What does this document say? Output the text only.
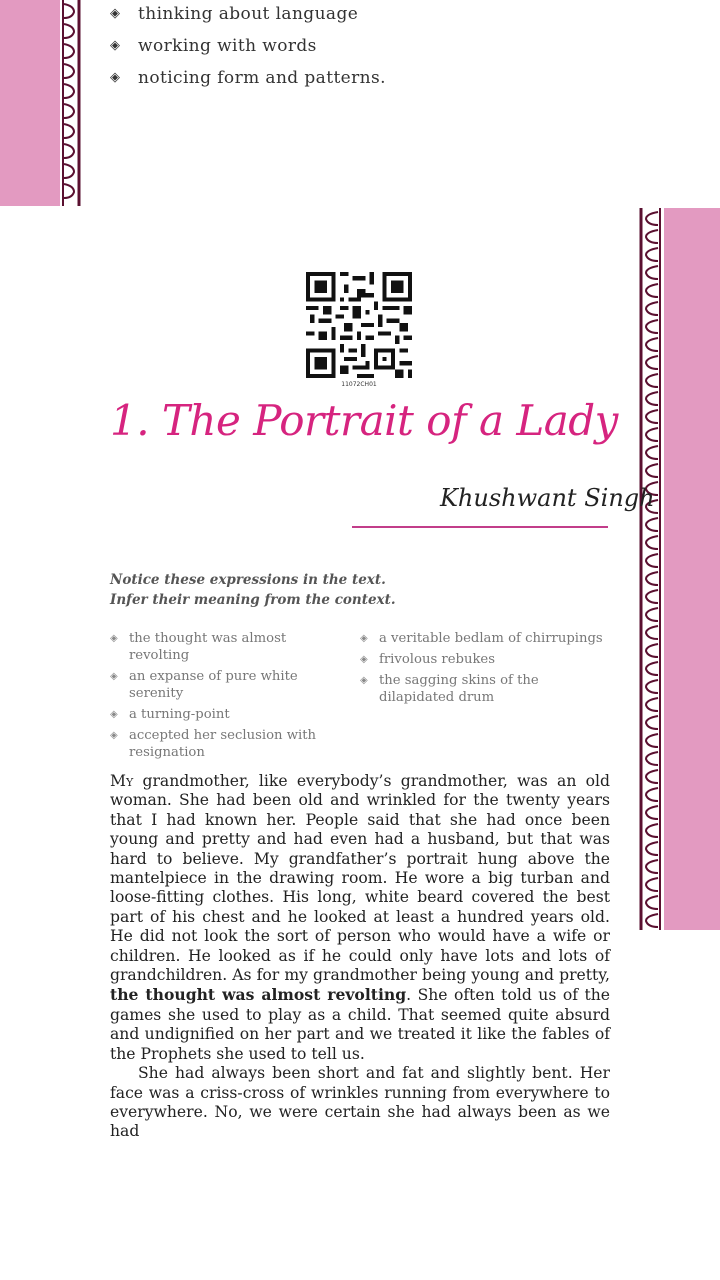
◈ thinking about language
◈ working with words
◈ noticing form and patterns.
11072CH01
1. The Portrait of a Lady
Khushwant Singh
Notice these expressions in the text.
Infer their meaning from the context.
◈ the thought was almost revolting
◈ an expanse of pure white serenity
◈ a turning-point
◈ accepted her seclusion with resignation
◈ a veritable bedlam of chirrupings
◈ frivolous rebukes
◈ the sagging skins of the dilapidated drum

My grandmother, like everybody’s grandmother, was an old woman. She had been old and wrinkled for the twenty years that I had known her. People said that she had once been young and pretty and had even had a husband, but that was hard to believe. My grandfather’s portrait hung above the mantelpiece in the drawing room. He wore a big turban and loose-fitting clothes. His long, white beard covered the best part of his chest and he looked at least a hundred years old. He did not look the sort of person who would have a wife or children. He looked as if he could only have lots and lots of grandchildren. As for my grandmother being young and pretty, the thought was almost revolting. She often told us of the games she used to play as a child. That seemed quite absurd and undignified on her part and we treated it like the fables of the Prophets she used to tell us.

She had always been short and fat and slightly bent. Her face was a criss-cross of wrinkles running from everywhere to everywhere. No, we were certain she had always been as we had
